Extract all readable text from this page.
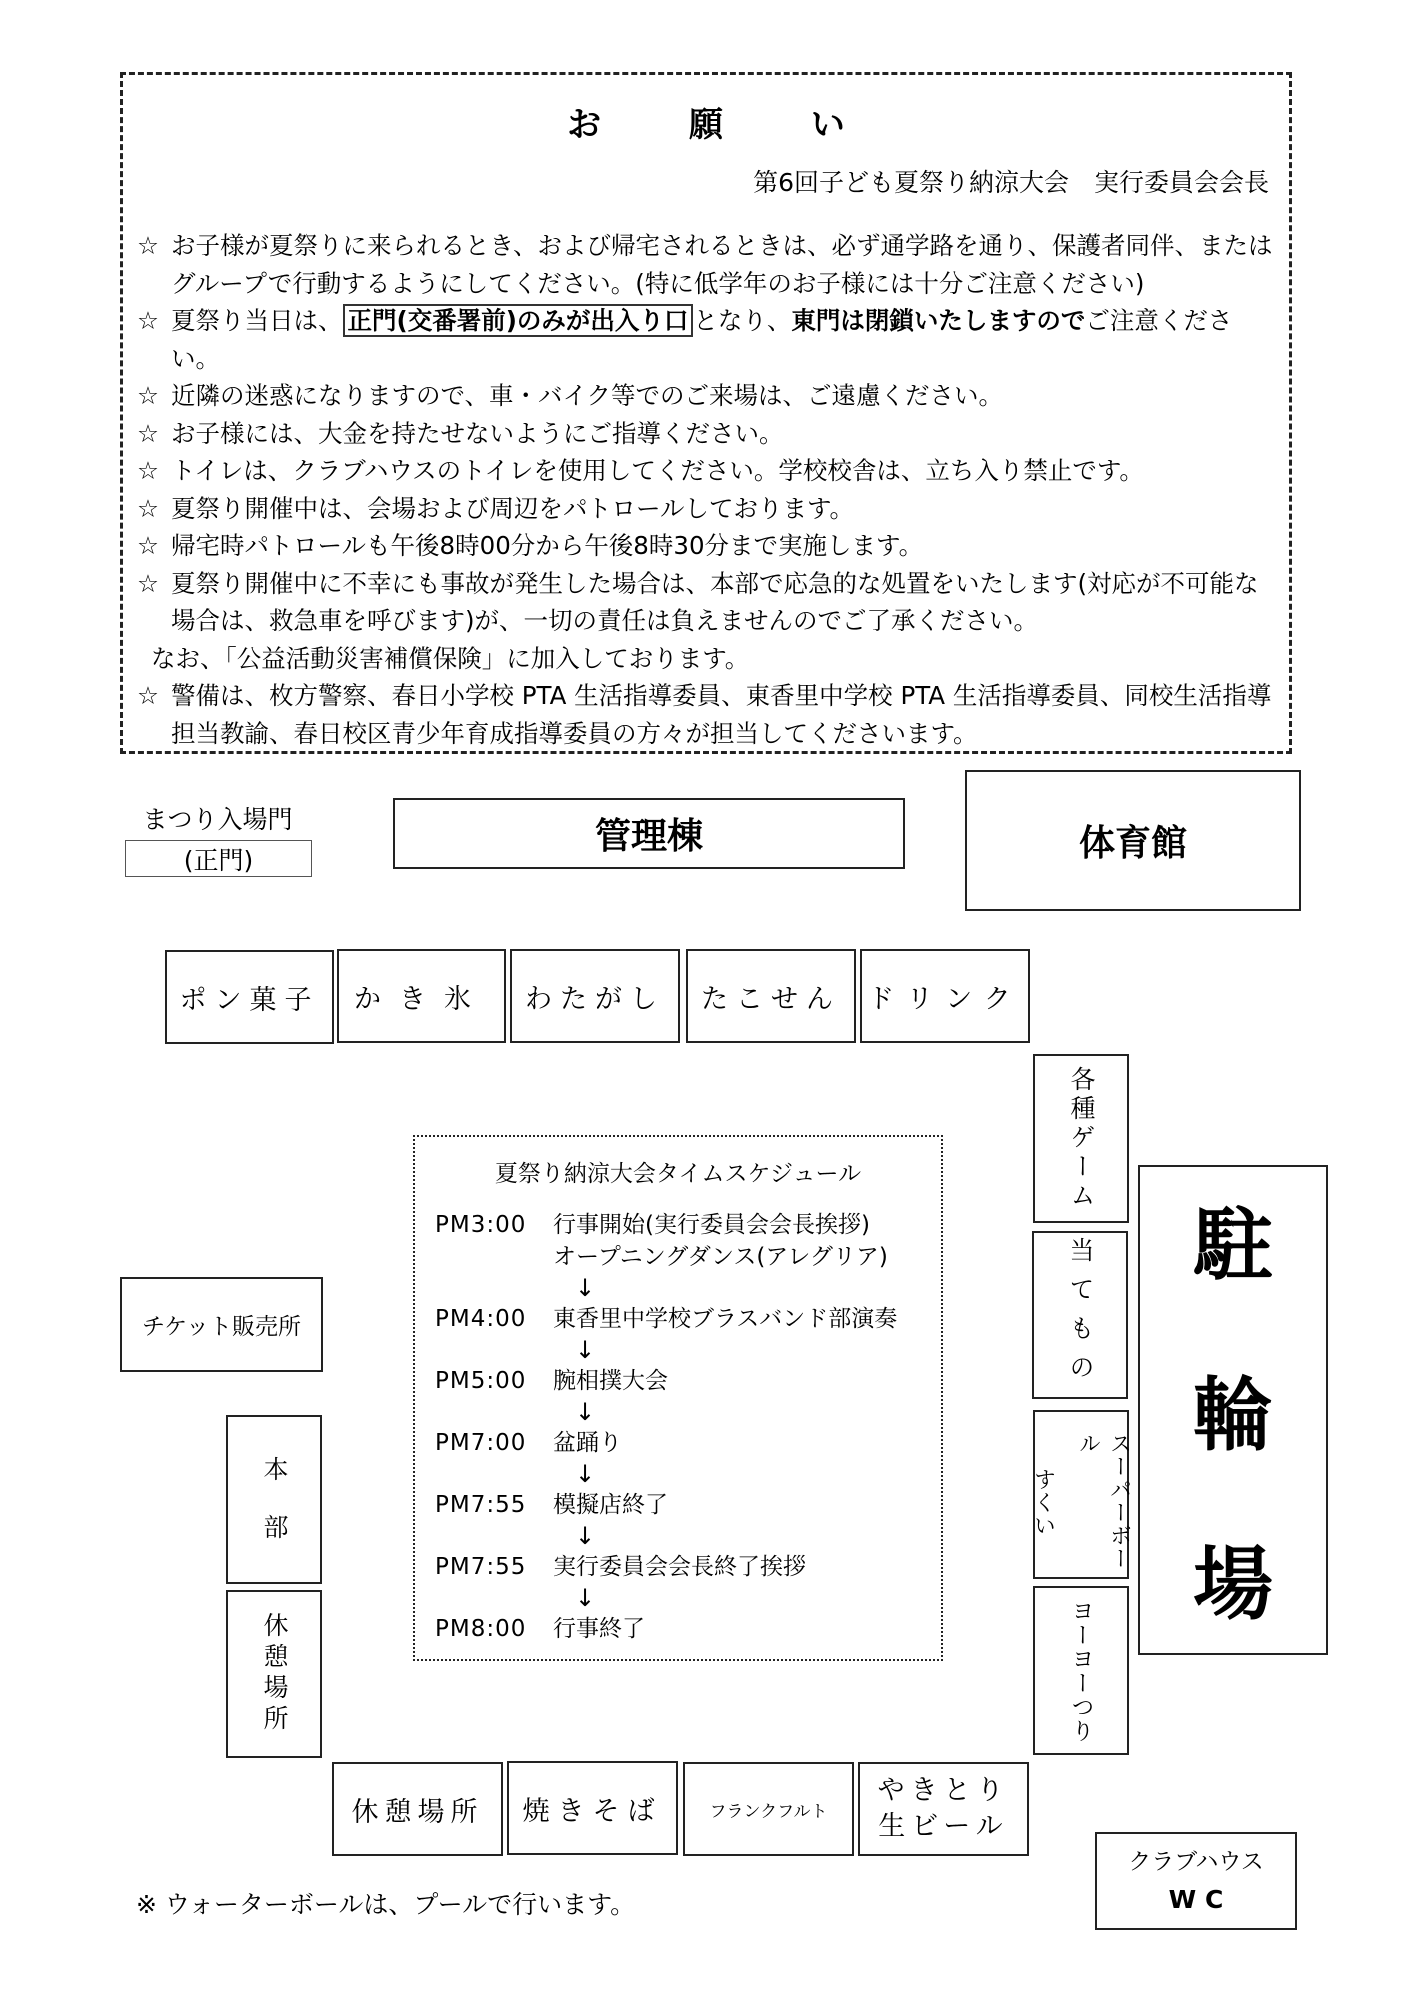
お 願 い
第6回子ども夏祭り納涼大会　実行委員会会長
☆ お子様が夏祭りに来られるとき、および帰宅されるときは、必ず通学路を通り、保護者同伴、またはグループで行動するようにしてください。(特に低学年のお子様には十分ご注意ください)
☆ 夏祭り当日は、 正門(交番署前)のみが出入り口 となり、東門は閉鎖いたしますのでご注意ください。
☆ 近隣の迷惑になりますので、車・バイク等でのご来場は、ご遠慮ください。
☆ お子様には、大金を持たせないようにご指導ください。
☆ トイレは、クラブハウスのトイレを使用してください。学校校舎は、立ち入り禁止です。
☆ 夏祭り開催中は、会場および周辺をパトロールしております。
☆ 帰宅時パトロールも午後8時00分から午後8時30分まで実施します。
☆ 夏祭り開催中に不幸にも事故が発生した場合は、本部で応急的な処置をいたします(対応が不可能な場合は、救急車を呼びます)が、一切の責任は負えませんのでご了承ください。
なお、「公益活動災害補償保険」に加入しております。
☆ 警備は、枚方警察、春日小学校 PTA 生活指導委員、東香里中学校 PTA 生活指導委員、同校生活指導担当教諭、春日校区青少年育成指導委員の方々が担当してくださいます。
まつり入場門
(正門)
管理棟	体育館
ポン菓子 かき氷 わたがし たこせん ドリンク
各種ゲーム
当てもの
スーパーボール
すくい
ヨーヨーつり
駐
輪
場
夏祭り納涼大会タイムスケジュール
PM3:00	行事開始(実行委員会会長挨拶)
オープニングダンス(アレグリア)
↓
PM4:00	東香里中学校ブラスバンド部演奏
↓
PM5:00	腕相撲大会
↓
PM7:00	盆踊り
↓
PM7:55	模擬店終了
↓
PM7:55	実行委員会会長終了挨拶
↓
PM8:00	行事終了
チケット販売所
本　部
休憩場所
休憩場所 焼きそば	フランクフルト
やきとり
生ビール
クラブハウス
W C
※ ウォーターボールは、プールで行います。
